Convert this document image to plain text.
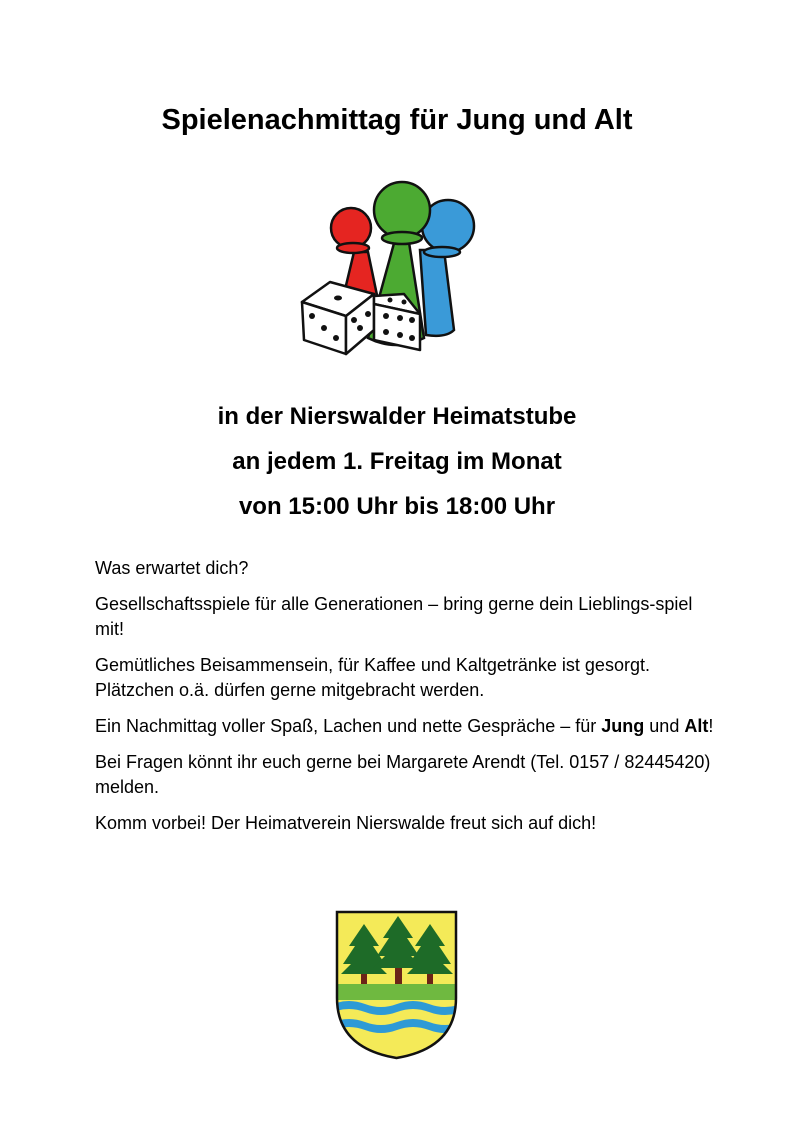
Spielenachmittag für Jung und Alt
in der Nierswalder Heimatstube
an jedem 1. Freitag im Monat
von 15:00 Uhr bis 18:00 Uhr

Was erwartet dich?

Gesellschaftsspiele für alle Generationen – bring gerne dein Lieblings-spiel mit!

Gemütliches Beisammensein, für Kaffee und Kaltgetränke ist gesorgt. Plätzchen o.ä. dürfen gerne mitgebracht werden.

Ein Nachmittag voller Spaß, Lachen und nette Gespräche – für Jung und Alt!

Bei Fragen könnt ihr euch gerne bei Margarete Arendt (Tel. 0157 / 82445420) melden.

Komm vorbei! Der Heimatverein Nierswalde freut sich auf dich!
